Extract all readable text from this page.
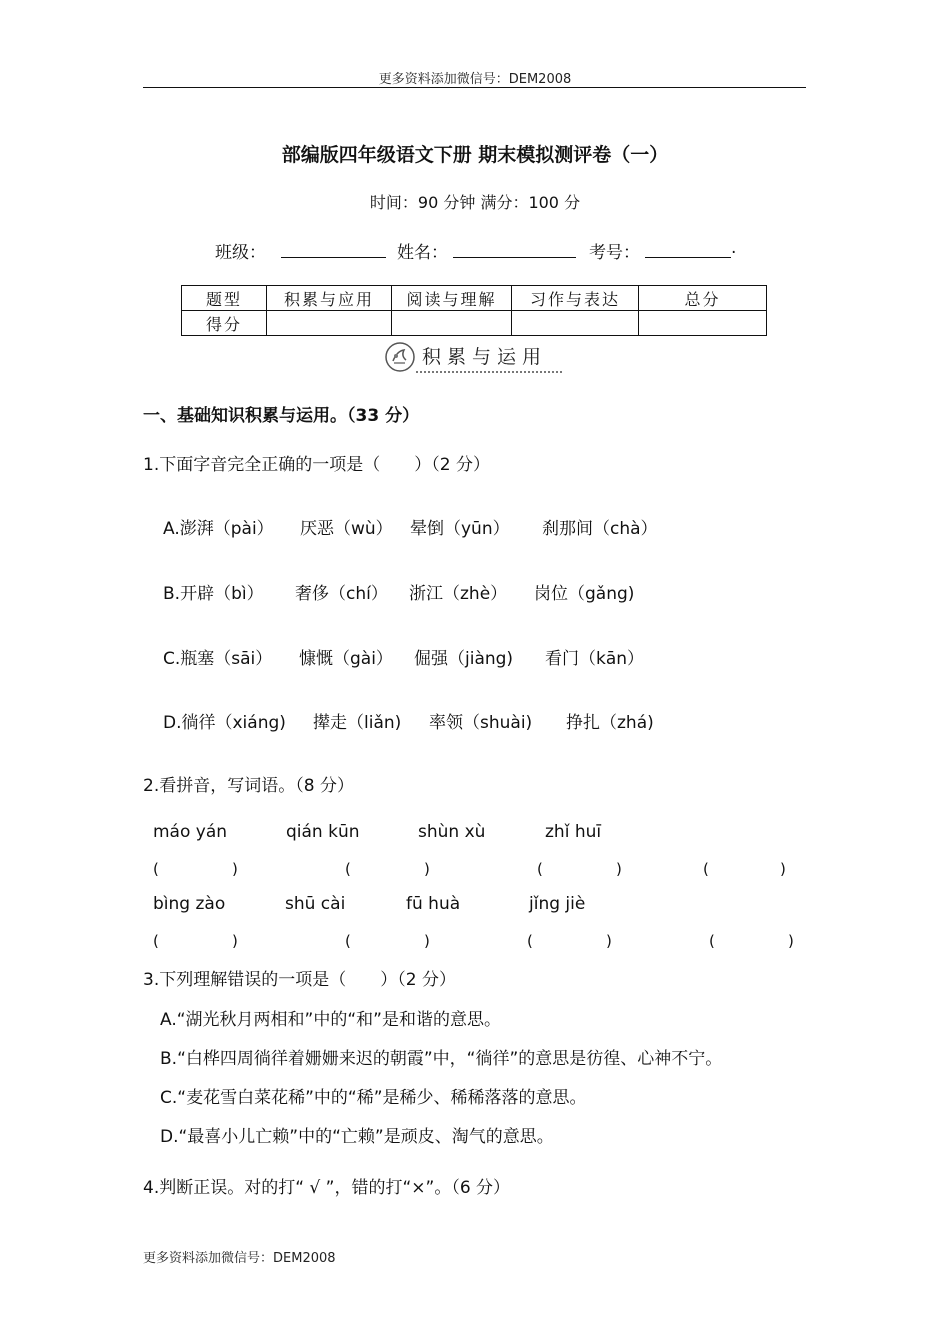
更多资料添加微信号：DEM2008
部编版四年级语文下册 期末模拟测评卷（一）
时间：90 分钟 满分：100 分
班级：	姓名：	考号：	.
题型	积累与应用	阅读与理解	习作与表达	总分
得分				
积累与运用
一、基础知识积累与运用。（33 分）
1.下面字音完全正确的一项是（　　）（2 分）
A.澎湃（pài） 厌恶（wù） 晕倒（yūn） 刹那间（chà）
B.开辟（bì） 奢侈（chí） 浙江（zhè） 岗位（gǎng)
C.瓶塞（sāi） 慷慨（gài） 倔强（jiàng) 看门（kān）
D.徜徉（xiáng) 撵走（liǎn) 率领（shuài) 挣扎（zhá)
2.看拼音，写词语。（8 分）
máo yán	qián kūn	shùn xù	zhǐ huī
(	)	(	)	(	)	(	)
bìng zào	shū cài	fū huà	jǐng jiè
(	)	(	)	(	)	(	)
3.下列理解错误的一项是（　　）（2 分）
A.“湖光秋月两相和”中的“和”是和谐的意思。
B.“白桦四周徜徉着姗姗来迟的朝霞”中，“徜徉”的意思是彷徨、心神不宁。
C.“麦花雪白菜花稀”中的“稀”是稀少、稀稀落落的意思。
D.“最喜小儿亡赖”中的“亡赖”是顽皮、淘气的意思。
4.判断正误。对的打“ √ ”，错的打“×”。（6 分）
更多资料添加微信号：DEM2008
